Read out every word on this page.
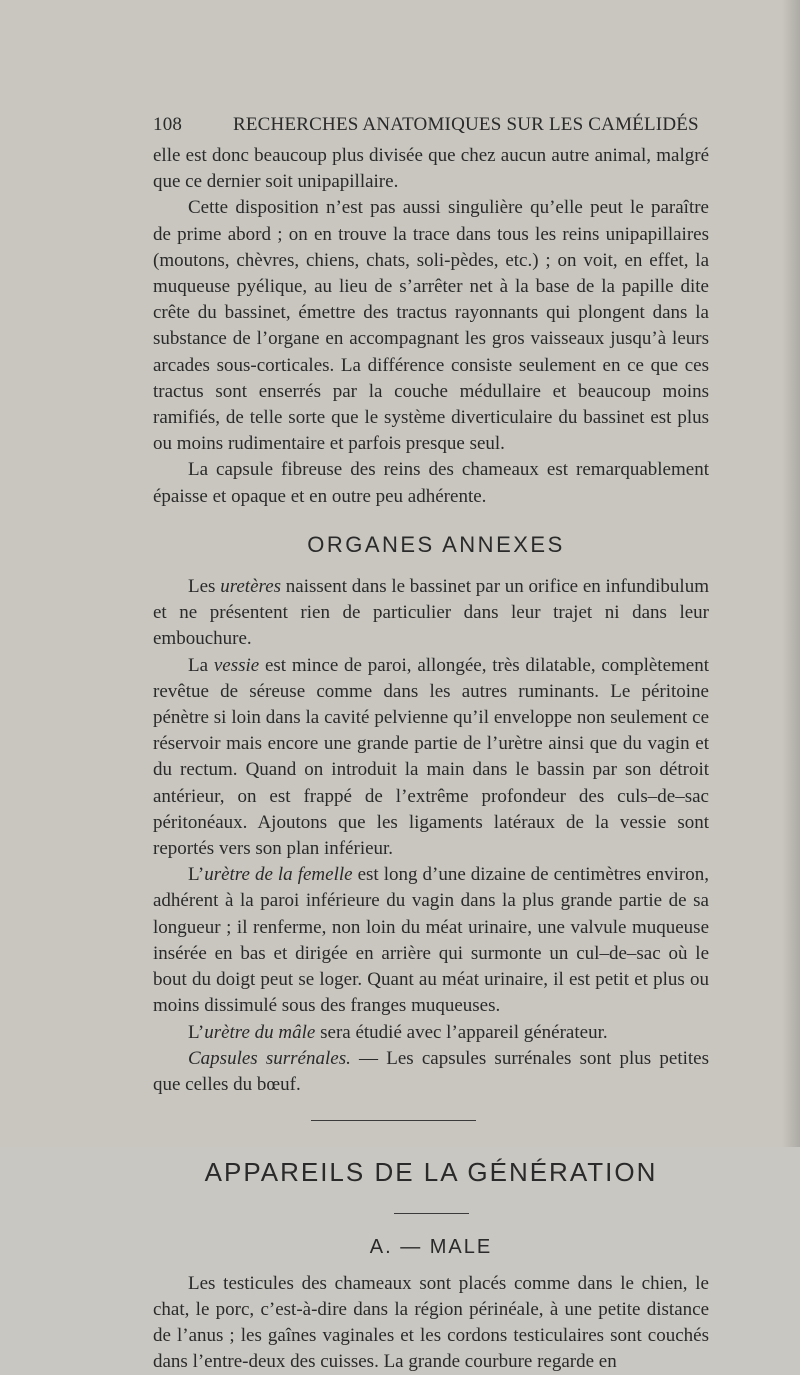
108	RECHERCHES ANATOMIQUES SUR LES CAMÉLIDÉS

elle est donc beaucoup plus divisée que chez aucun autre animal, malgré que ce dernier soit unipapillaire.

Cette disposition n’est pas aussi singulière qu’elle peut le paraître de prime abord ; on en trouve la trace dans tous les reins unipapillaires (moutons, chèvres, chiens, chats, soli-pèdes, etc.) ; on voit, en effet, la muqueuse pyélique, au lieu de s’arrêter net à la base de la papille dite crête du bassinet, émettre des tractus rayonnants qui plongent dans la substance de l’organe en accompagnant les gros vaisseaux jusqu’à leurs arcades sous-corticales. La différence consiste seulement en ce que ces tractus sont enserrés par la couche médullaire et beaucoup moins ramifiés, de telle sorte que le système diverticulaire du bassinet est plus ou moins rudimentaire et parfois presque seul.

La capsule fibreuse des reins des chameaux est remarquablement épaisse et opaque et en outre peu adhérente.

ORGANES ANNEXES

Les uretères naissent dans le bassinet par un orifice en infundibulum et ne présentent rien de particulier dans leur trajet ni dans leur embouchure.

La vessie est mince de paroi, allongée, très dilatable, complètement revêtue de séreuse comme dans les autres ruminants. Le péritoine pénètre si loin dans la cavité pelvienne qu’il enveloppe non seulement ce réservoir mais encore une grande partie de l’urètre ainsi que du vagin et du rectum. Quand on introduit la main dans le bassin par son détroit antérieur, on est frappé de l’extrême profondeur des culs–de–sac péritonéaux. Ajoutons que les ligaments latéraux de la vessie sont reportés vers son plan inférieur.

L’urètre de la femelle est long d’une dizaine de centimètres environ, adhérent à la paroi inférieure du vagin dans la plus grande partie de sa longueur ; il renferme, non loin du méat urinaire, une valvule muqueuse insérée en bas et dirigée en arrière qui surmonte un cul–de–sac où le bout du doigt peut se loger. Quant au méat urinaire, il est petit et plus ou moins dissimulé sous des franges muqueuses.

L’urètre du mâle sera étudié avec l’appareil générateur.

Capsules surrénales. — Les capsules surrénales sont plus petites que celles du bœuf.

APPAREILS DE LA GÉNÉRATION
A. — MALE

Les testicules des chameaux sont placés comme dans le chien, le chat, le porc, c’est-à-dire dans la région périnéale, à une petite distance de l’anus ; les gaînes vaginales et les cordons testiculaires sont couchés dans l’entre-deux des cuisses. La grande courbure regarde en
